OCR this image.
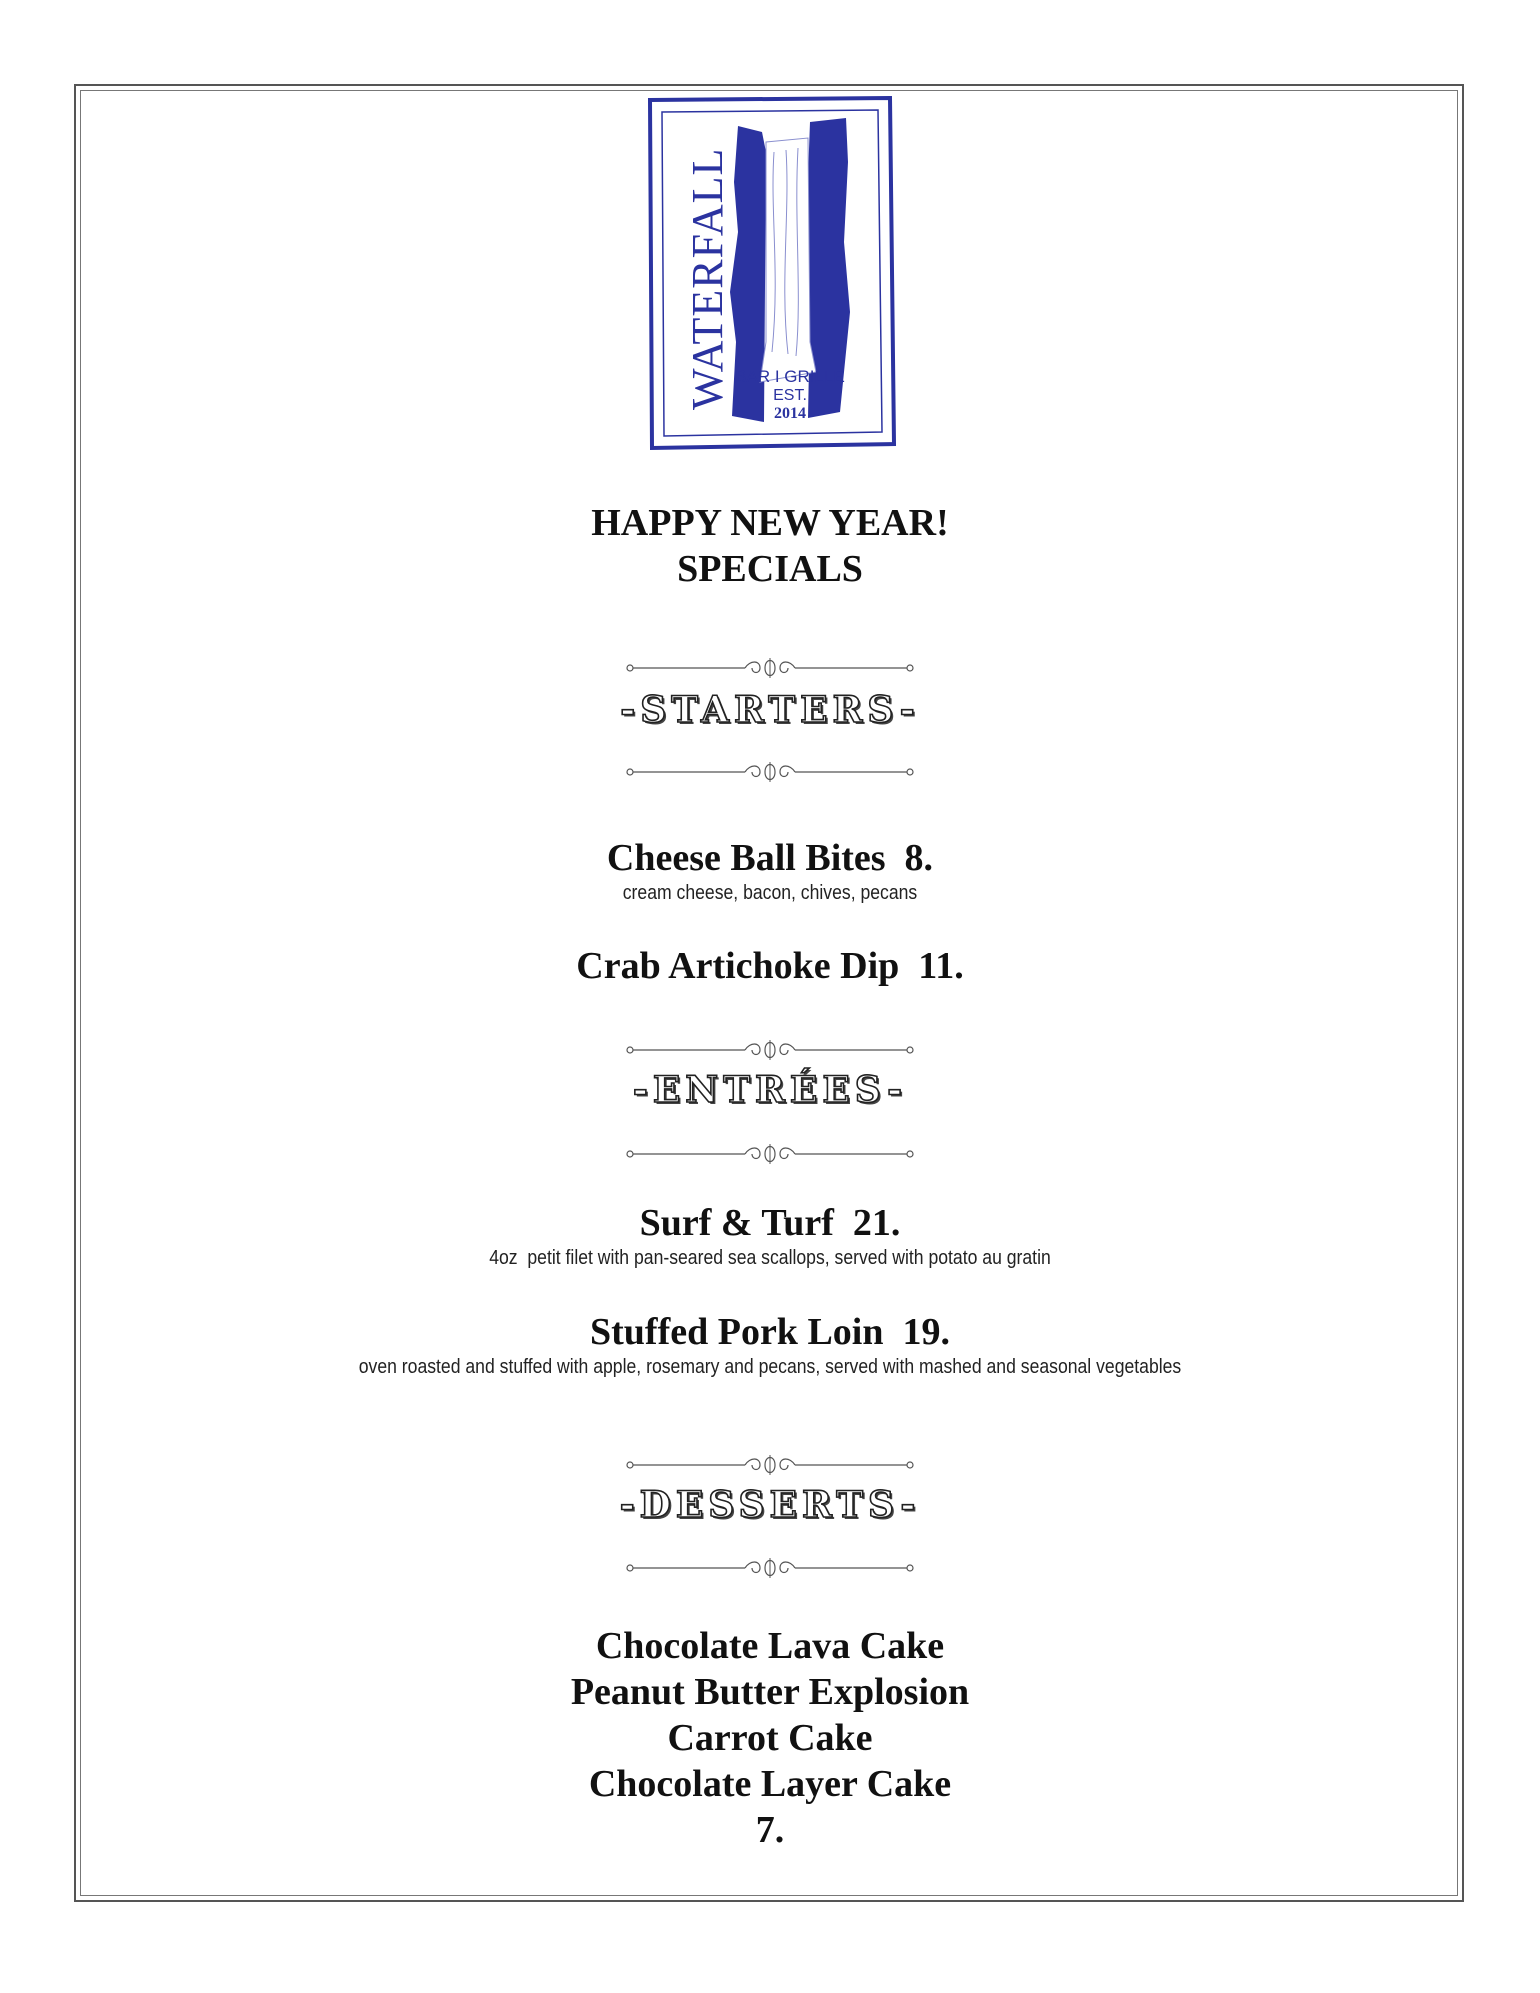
WATERFALL BAR I GRILLE
EST.
2014
HAPPY NEW YEAR!
SPECIALS
-STARTERS-
Cheese Ball Bites  8.
cream cheese, bacon, chives, pecans
Crab Artichoke Dip  11.
-ENTRÉES-
Surf & Turf  21.
4oz  petit filet with pan-seared sea scallops, served with potato au gratin
Stuffed Pork Loin  19.
oven roasted and stuffed with apple, rosemary and pecans, served with mashed and seasonal vegetables
-DESSERTS-
Chocolate Lava Cake
Peanut Butter Explosion
Carrot Cake
Chocolate Layer Cake
7.
